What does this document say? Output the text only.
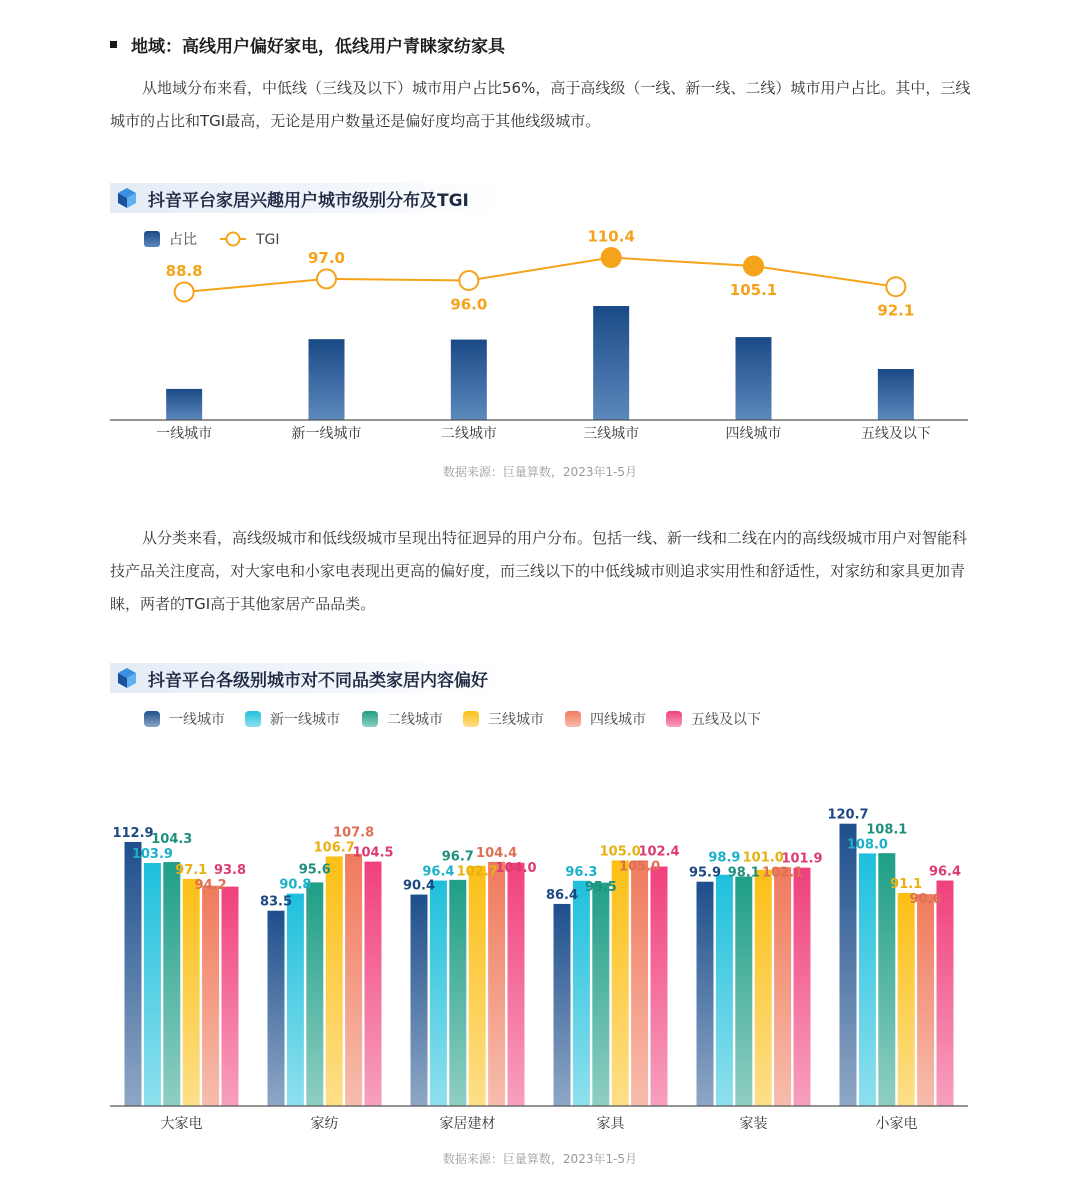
地域：高线用户偏好家电，低线用户青睐家纺家具

从地域分布来看，中低线（三线及以下）城市用户占比56%，高于高线级（一线、新一线、二线）城市用户占比。其中，三线城市的占比和TGI最高，无论是用户数量还是偏好度均高于其他线级城市。

抖音平台家居兴趣用户城市级别分布及TGI
占比	TGI
一线城市	新一线城市	二线城市	三线城市	四线城市	五线及以下
88.8
97.0
96.0
110.4
105.1
92.1
数据来源：巨量算数，2023年1-5月

从分类来看，高线级城市和低线级城市呈现出特征迥异的用户分布。包括一线、新一线和二线在内的高线级城市用户对智能科技产品关注度高，对大家电和小家电表现出更高的偏好度，而三线以下的中低线城市则追求实用性和舒适性，对家纺和家具更加青睐，两者的TGI高于其他家居产品品类。

抖音平台各级别城市对不同品类家居内容偏好
一线城市	新一线城市	二线城市	三线城市	四线城市	五线及以下
112.9
103.9
104.3
97.1
94.2
93.8
大家电
83.5
90.8
95.6
106.7
107.8
104.5
家纺
90.4
96.4
96.7
102.7
104.4
104.0
家居建材
86.4
96.3
95.5
105.0
105.0
102.4
家具
95.9
98.9
98.1
101.0
102.1
101.9
家装
120.7
108.0
108.1
91.1
90.6
96.4
小家电
数据来源：巨量算数，2023年1-5月
